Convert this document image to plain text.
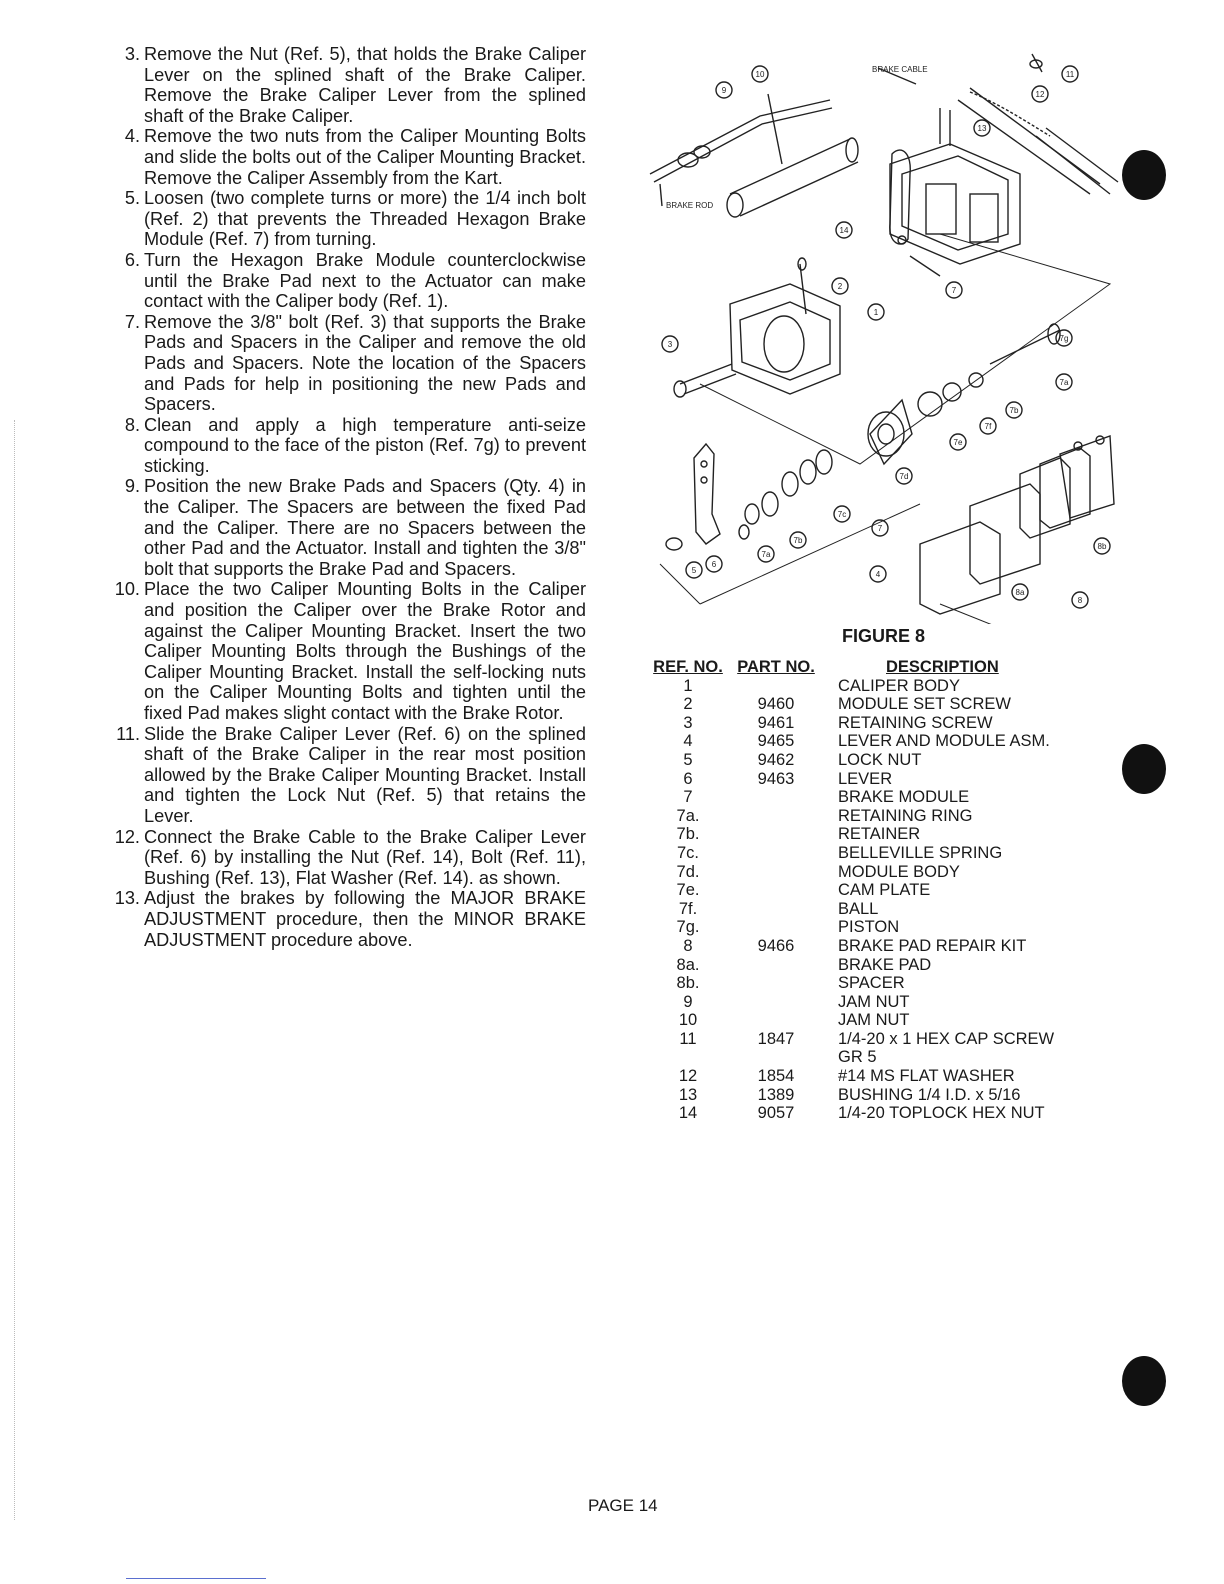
3. Remove the Nut (Ref. 5), that holds the Brake Caliper Lever on the splined shaft of the Brake Caliper. Remove the Brake Caliper Lever from the splined shaft of the Brake Caliper.
4. Remove the two nuts from the Caliper Mounting Bolts and slide the bolts out of the Caliper Mounting Bracket. Remove the Caliper Assembly from the Kart.
5. Loosen (two complete turns or more) the 1/4 inch bolt (Ref. 2) that prevents the Threaded Hexagon Brake Module (Ref. 7) from turning.
6. Turn the Hexagon Brake Module counterclockwise until the Brake Pad next to the Actuator can make contact with the Caliper body (Ref. 1).
7. Remove the 3/8" bolt (Ref. 3) that supports the Brake Pads and Spacers in the Caliper and remove the old Pads and Spacers. Note the location of the Spacers and Pads for help in positioning the new Pads and Spacers.
8. Clean and apply a high temperature anti-seize compound to the face of the piston (Ref. 7g) to prevent sticking.
9. Position the new Brake Pads and Spacers (Qty. 4) in the Caliper. The Spacers are between the fixed Pad and the Caliper. There are no Spacers between the other Pad and the Actuator. Install and tighten the 3/8" bolt that supports the Brake Pad and Spacers.
10. Place the two Caliper Mounting Bolts in the Caliper and position the Caliper over the Brake Rotor and against the Caliper Mounting Bracket. Insert the two Caliper Mounting Bolts through the Bushings of the Caliper Mounting Bracket. Install the self-locking nuts on the Caliper Mounting Bolts and tighten until the fixed Pad makes slight contact with the Brake Rotor.
11. Slide the Brake Caliper Lever (Ref. 6) on the splined shaft of the Brake Caliper in the rear most position allowed by the Brake Caliper Mounting Bracket. Install and tighten the Lock Nut (Ref. 5) that retains the Lever.
12. Connect the Brake Cable to the Brake Caliper Lever (Ref. 6) by installing the Nut (Ref. 14), Bolt (Ref. 11), Bushing (Ref. 13), Flat Washer (Ref. 14). as shown.
13. Adjust the brakes by following the MAJOR BRAKE ADJUSTMENT procedure, then the MINOR BRAKE ADJUSTMENT procedure above.
BRAKE ROD
BRAKE CABLE
9
10	11
12
13
14
2	7
1
3
7a
7b
7f
7e
7d
7c
7
7b
7a
4
5
6
8b
8a
8
7g
FIGURE 8
REF. NO.	PART NO.	DESCRIPTION
1		CALIPER BODY
2	9460	MODULE SET SCREW
3	9461	RETAINING SCREW
4	9465	LEVER AND MODULE ASM.
5	9462	LOCK NUT
6	9463	LEVER
7		BRAKE MODULE
7a.		RETAINING RING
7b.		RETAINER
7c.		BELLEVILLE SPRING
7d.		MODULE BODY
7e.		CAM PLATE
7f.		BALL
7g.		PISTON
8	9466	BRAKE PAD REPAIR KIT
8a.		BRAKE PAD
8b.		SPACER
9		JAM NUT
10		JAM NUT
11	1847	1/4-20 x 1 HEX CAP SCREW
		GR 5
12	1854	#14 MS FLAT WASHER
13	1389	BUSHING 1/4 I.D. x 5/16
14	9057	1/4-20 TOPLOCK HEX NUT
PAGE 14
